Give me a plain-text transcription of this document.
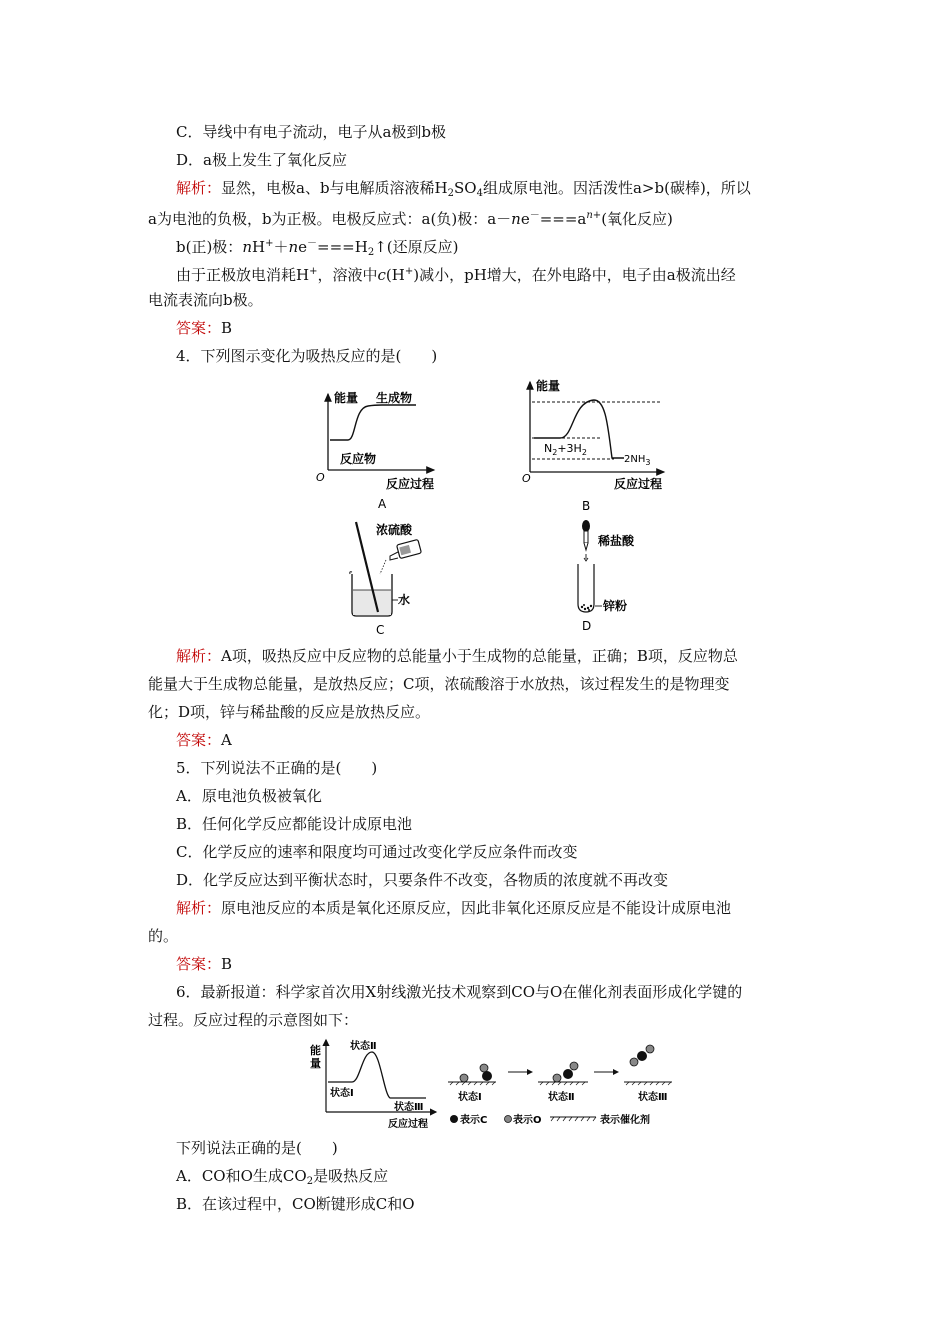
C．导线中有电子流动，电子从a极到b极
D．a极上发生了氧化反应
解析：显然，电极a、b与电解质溶液稀$H_2SO_4$组成原电池。因活泼性a>b(碳棒)，所以
a为电池的负极，b为正极。电极反应式：a(负)极：$a-ne^-===a^{n+}$(氧化反应)
b(正)极：$nH^++ne^-===H_2↑$(还原反应)
由于正极放电消耗H+，溶液中c(H+)减小，pH增大，在外电路中，电子由a极流出经
电流表流向b极。
答案：B
4．下列图示变化为吸热反应的是(　　)
能量 生成物
反应物
O	反应过程
A
能量
$N_2+3H_2$
$2NH_3$
O	反应过程
B
浓硫酸
水
C
稀盐酸
锌粉
D
解析：A项，吸热反应中反应物的总能量小于生成物的总能量，正确；B项，反应物总
能量大于生成物总能量，是放热反应；C项，浓硫酸溶于水放热，该过程发生的是物理变
化；D项，锌与稀盐酸的反应是放热反应。
答案：A
5．下列说法不正确的是(　　)
A．原电池负极被氧化
B．任何化学反应都能设计成原电池
C．化学反应的速率和限度均可通过改变化学反应条件而改变
D．化学反应达到平衡状态时，只要条件不改变，各物质的浓度就不再改变
解析：原电池反应的本质是氧化还原反应，因此非氧化还原反应是不能设计成原电池
的。
答案：B
6．最新报道：科学家首次用X射线激光技术观察到CO与O在催化剂表面形成化学键的
过程。反应过程的示意图如下：
能
量
状态Ⅱ
状态Ⅰ
状态Ⅲ
反应过程
状态Ⅰ	状态Ⅱ	状态Ⅲ
表示C	表示O	表示催化剂
下列说法正确的是(　　)
A．CO和O生成$CO_2$是吸热反应
B．在该过程中，CO断键形成C和O
